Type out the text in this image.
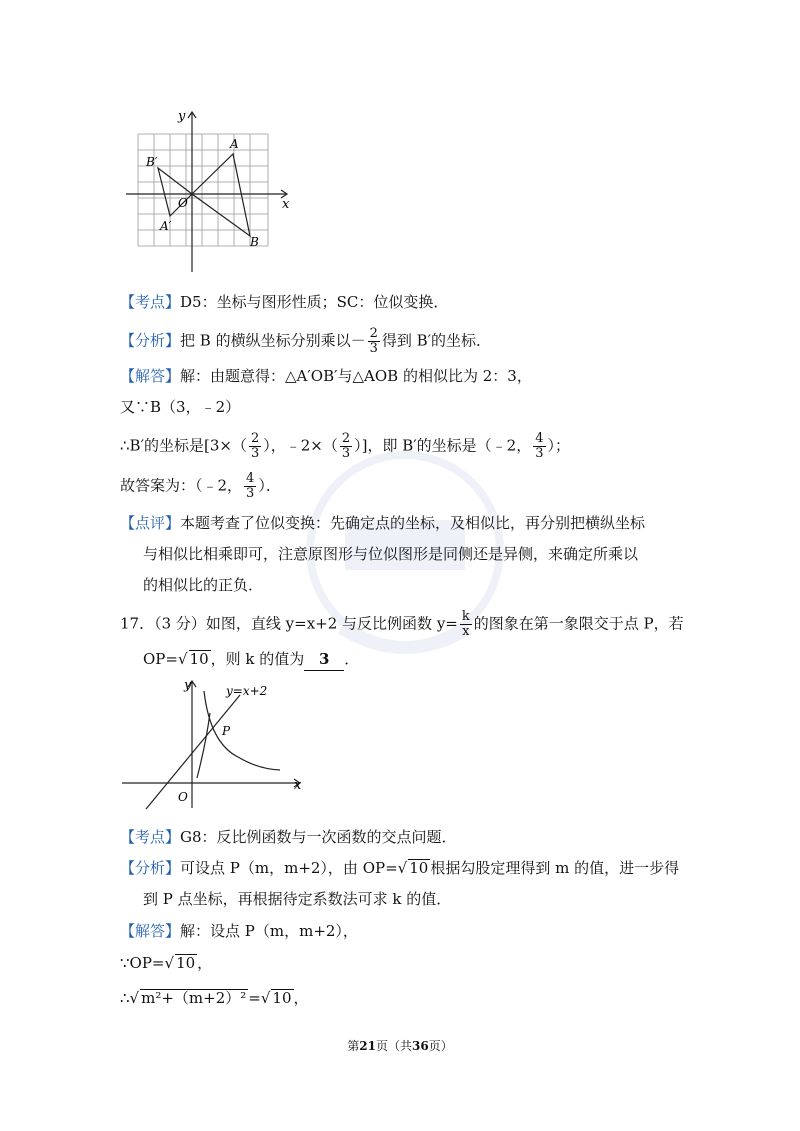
y
x
O
A
B
A′
B′
【考点】D5：坐标与图形性质；SC：位似变换．
【分析】把 B 的横纵坐标分别乘以－ $\frac{2}{3}$ 得到 B′的坐标．
【解答】解：由题意得：△A′OB′与△AOB 的相似比为 2：3，
又∵B（3，﹣2）
∴B′的坐标是[$3\times( \frac{2}{3}$ ），﹣2×（ $\frac{2}{3}$ ）]，即 B′的坐标是（﹣2， $\frac{4}{3}$ ）；
故答案为：（﹣2， $\frac{4}{3}$ ）．
【点评】本题考查了位似变换：先确定点的坐标，及相似比，再分别把横纵坐标
与相似比相乘即可，注意原图形与位似图形是同侧还是异侧，来确定所乘以
的相似比的正负．
17．（3 分）如图，直线 y=x+2 与反比例函数 $y= \frac{k}{x}$ 的图象在第一象限交于点 P，若
OP=√ 10 ，则 k 的值为 3 ．
y
x
O
P
y=x+2
【考点】G8：反比例函数与一次函数的交点问题．
【分析】可设点 P（m，m+2），由 OP=√ 10 根据勾股定理得到 m 的值，进一步得
到 P 点坐标，再根据待定系数法可求 k 的值．
【解答】解：设点 P（m，m+2），
∵OP=√ 10 ，
∴√ m²+（m+2）² =√ 10 ，
第21页（共36页）
